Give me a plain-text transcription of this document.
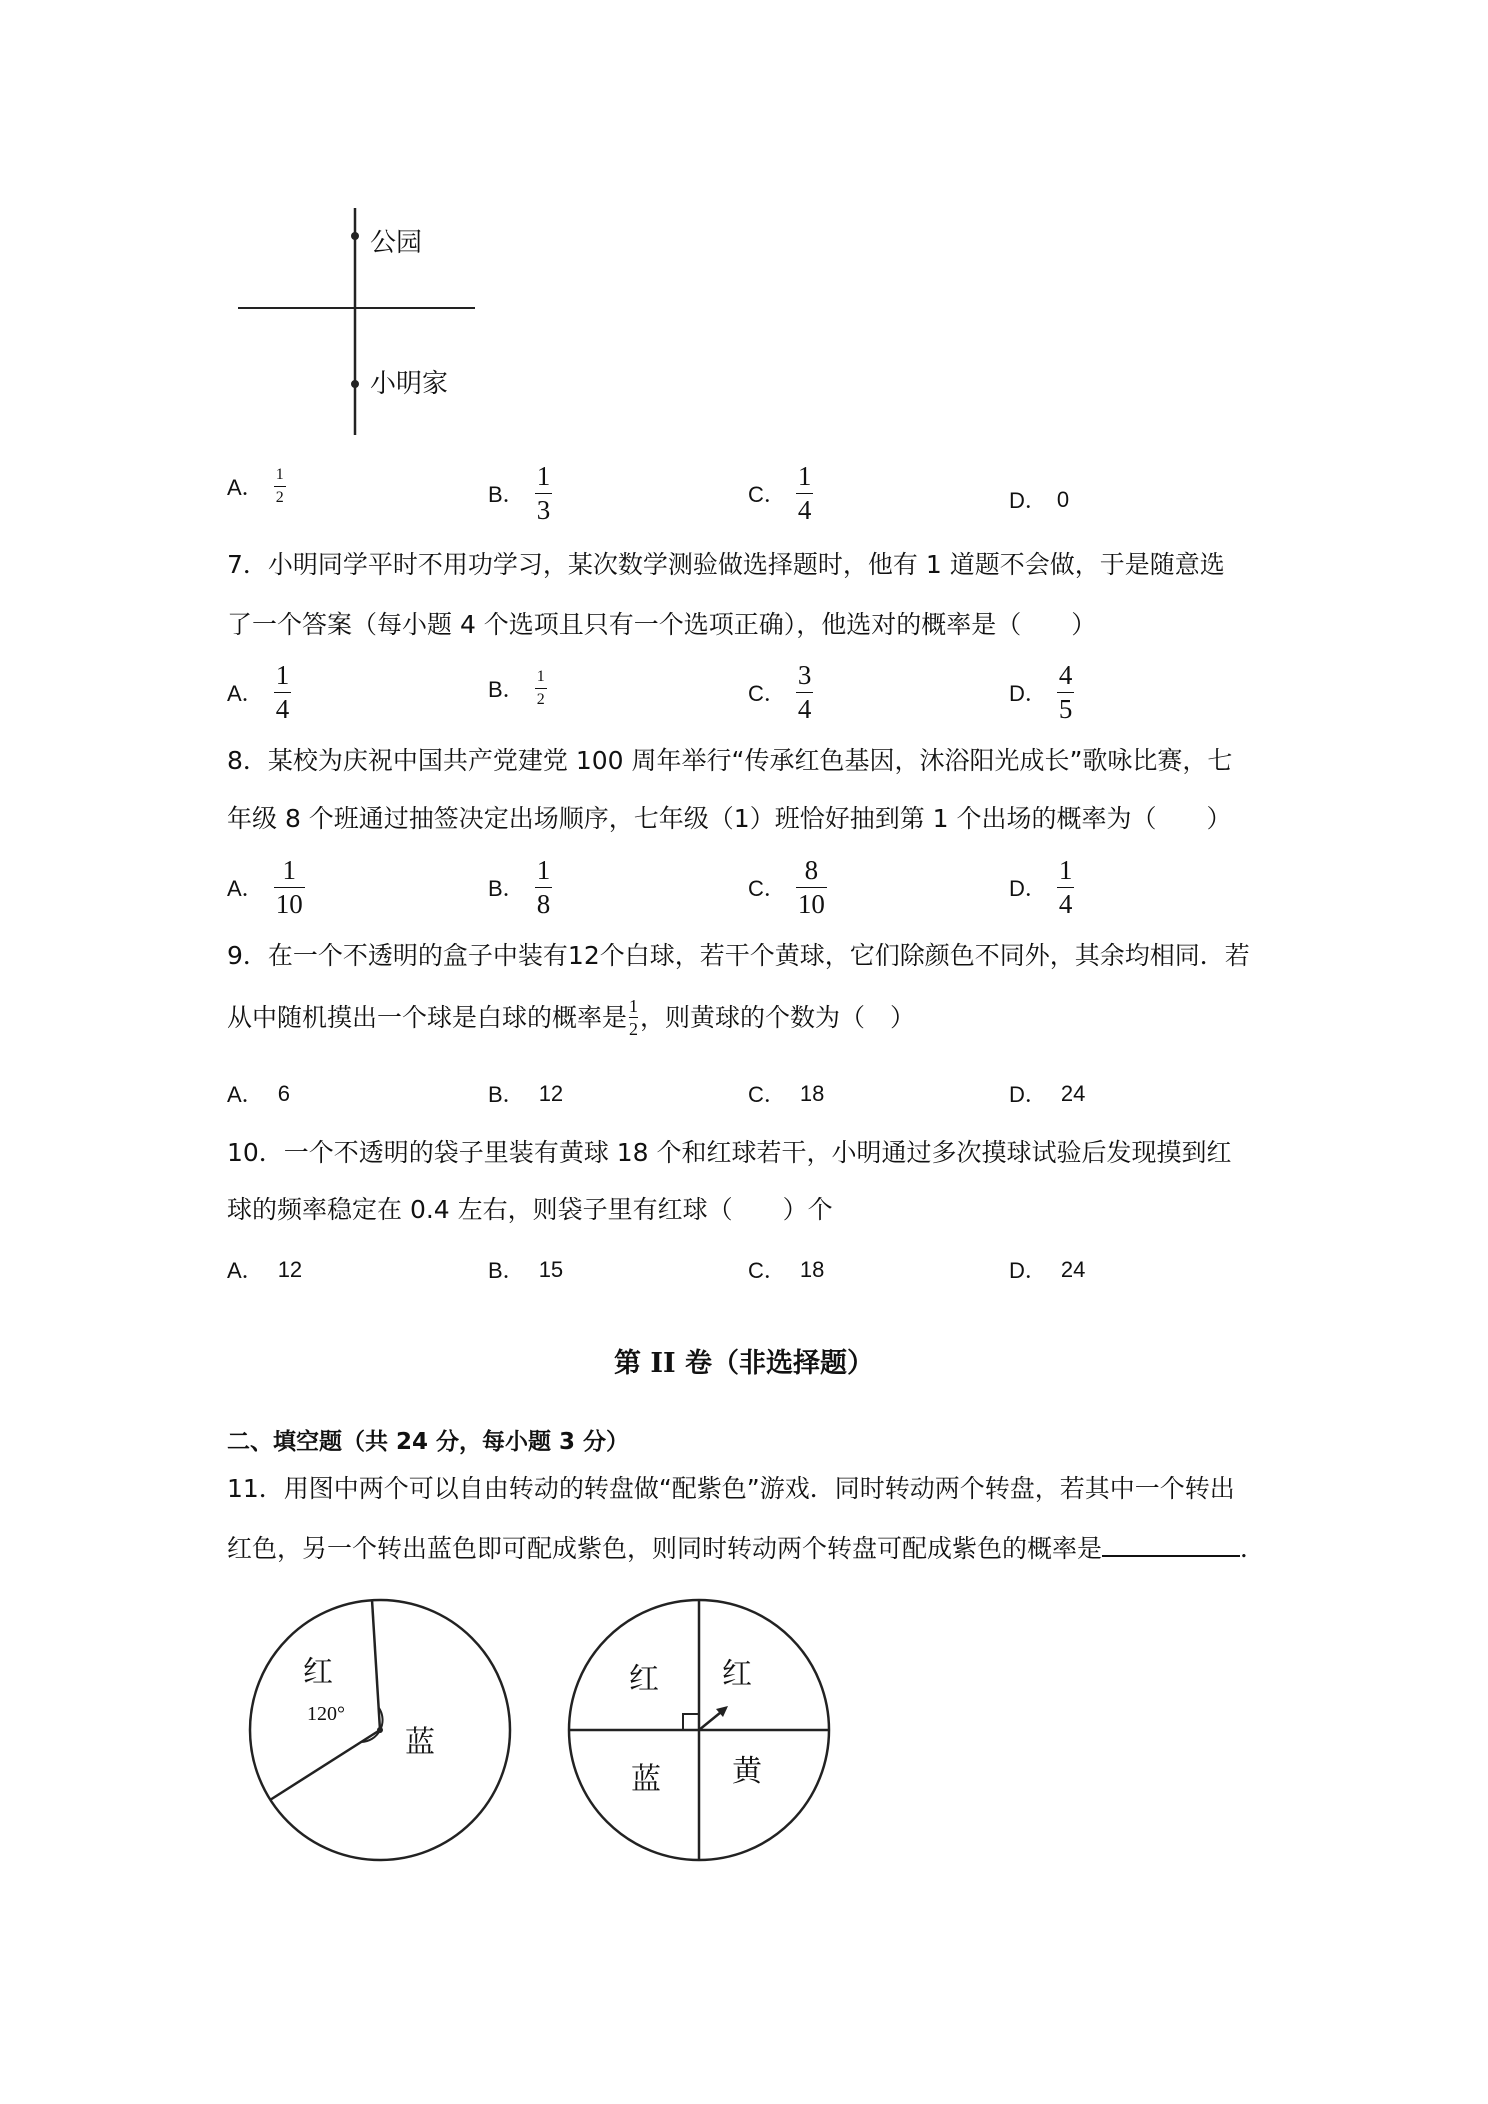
公园
小明家
A． $\frac{1}{2}$	B． $\frac{1}{3}$	C． $\frac{1}{4}$	D． 0
7．小明同学平时不用功学习，某次数学测验做选择题时，他有 1 道题不会做，于是随意选
了一个答案（每小题 4 个选项且只有一个选项正确），他选对的概率是（　　）
A． $\frac{1}{4}$	B． $\frac{1}{2}$	C． $\frac{3}{4}$	D． $\frac{4}{5}$
8．某校为庆祝中国共产党建党 100 周年举行“传承红色基因，沐浴阳光成长”歌咏比赛，七
年级 8 个班通过抽签决定出场顺序，七年级（1）班恰好抽到第 1 个出场的概率为（　　）
A． $\frac{1}{10}$	B． $\frac{1}{8}$	C． $\frac{8}{10}$	D． $\frac{1}{4}$
9．在一个不透明的盒子中装有12个白球，若干个黄球，它们除颜色不同外，其余均相同．若
从中随机摸出一个球是白球的概率是 $\frac{1}{2}$ ，则黄球的个数为（　）
A． 6	B． 12	C． 18	D． 24
10．一个不透明的袋子里装有黄球 18 个和红球若干，小明通过多次摸球试验后发现摸到红
球的频率稳定在 0.4 左右，则袋子里有红球（　　）个
A． 12	B． 15	C． 18	D． 24
第 II 卷（非选择题）
二、填空题（共 24 分，每小题 3 分）
11．用图中两个可以自由转动的转盘做“配紫色”游戏．同时转动两个转盘，若其中一个转出
红色，另一个转出蓝色即可配成紫色，则同时转动两个转盘可配成紫色的概率是	．
红
120°
蓝
红 红
蓝 黄
